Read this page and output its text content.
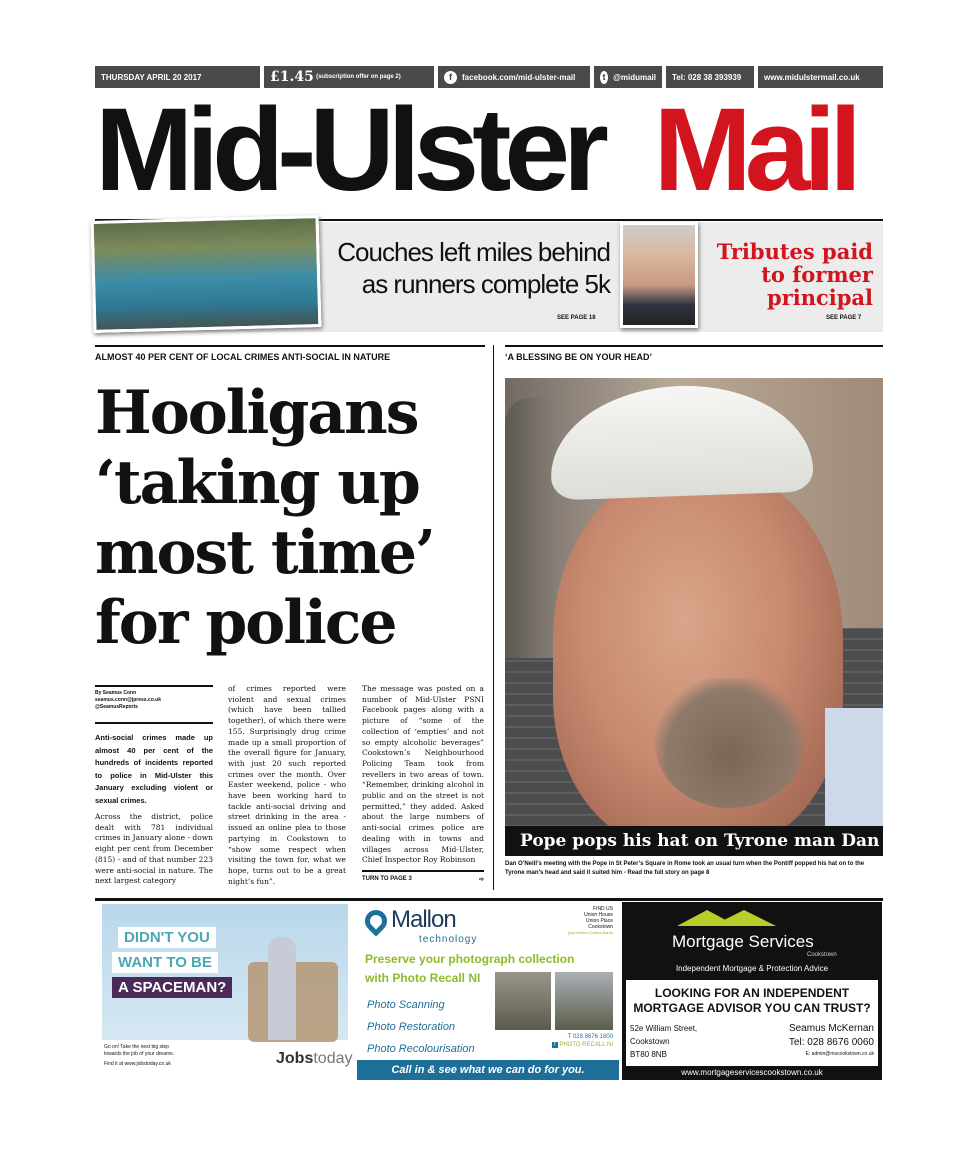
THURSDAY APRIL 20 2017	£1.45
(subscription offer on page 2)	f	facebook.com/mid-ulster-mail	t @midumail	Tel: 028 38 393939	www.midulstermail.co.uk
Mid-Ulster Mail
Couches left miles behind as runners complete 5k
SEE PAGE 18
Tributes paid to former principal
SEE PAGE 7
ALMOST 40 PER CENT OF LOCAL CRIMES ANTI-SOCIAL IN NATURE	‘A BLESSING BE ON YOUR HEAD’
Hooligans ‘taking up most time’ for police
By Seamus Conn
seamus.conn@jpress.co.uk
@SeamusReports
Anti-social crimes made up almost 40 per cent of the hundreds of incidents reported to police in Mid-Ulster this January excluding violent or sexual crimes.
Across the district, police dealt with 781 individual crimes in January alone - down eight per cent from December (815) - and of that number 223 were anti-social in nature. The next largest category
of crimes reported were violent and sexual crimes (which have been tallied together), of which there were 155. Surprisingly drug crime made up a small proportion of the overall figure for January, with just 20 such reported crimes over the month. Over Easter weekend, police - who have been working hard to tackle anti-social driving and street drinking in the area - issued an online plea to those partying in Cookstown to “show some respect when visiting the town for, what we hope, turns out to be a great night’s fun”.
The message was posted on a number of Mid-Ulster PSNI Facebook pages along with a picture of “some of the collection of ‘empties’ and not so empty alcoholic beverages” Cookstown’s Neighbourhood Policing Team took from revellers in two areas of town. “Remember, drinking alcohol in public and on the street is not permitted,” they added. Asked about the large numbers of anti-social crimes police are dealing with in towns and villages across Mid-Ulster, Chief Inspector Roy Robinson
TURN TO PAGE 3	➩
Pope pops his hat on Tyrone man Dan
Dan O’Neill’s meeting with the Pope in St Peter’s Square in Rome took an usual turn when the Pontiff popped his hat on to the Tyrone man’s head and said it suited him - Read the full story on page 8
DIDN'T YOU
WANT TO BE
A SPACEMAN?
Go on! Take the next big step
towards the job of your dreams.
Find it at www.jobstoday.co.uk	Jobstoday
Mallon
technology
FIND US
Union House
Union Place
Cookstown
(just behind Caters Bank)
Preserve your photograph collection
with Photo Recall NI
Photo Scanning
Photo Restoration
Photo Recolourisation
T 028 8676 1800
f PHOTO RECALL NI
Call in & see what we can do for you.
Mortgage Services
Cookstown
Independent Mortgage & Protection Advice
LOOKING FOR AN INDEPENDENT
MORTGAGE ADVISOR YOU CAN TRUST?
52e William Street,
Cookstown
BT80 8NB
Seamus McKernan
Tel: 028 8676 0060
E: admin@mscookstown.co.uk
www.mortgageservicescookstown.co.uk
